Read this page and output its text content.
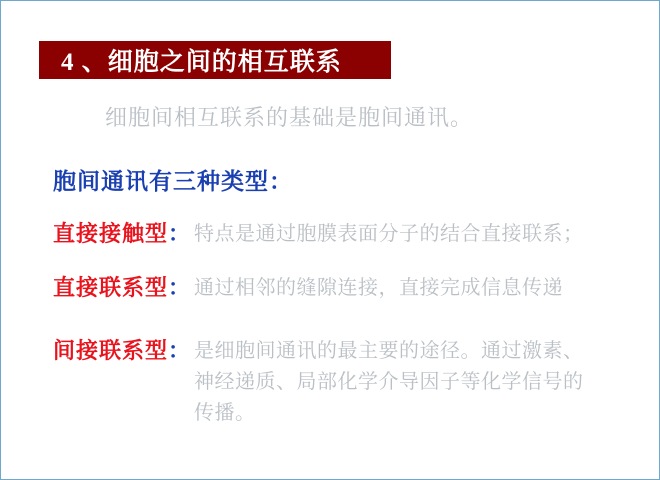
4 、细胞之间的相互联系
细胞间相互联系的基础是胞间通讯。
胞间通讯有三种类型：
直接接触型 ： 特点是通过胞膜表面分子的结合直接联系；
直接联系型 ： 通过相邻的缝隙连接，直接完成信息传递
间接联系型 ： 是细胞间通讯的最主要的途径。通过激素、神经递质、局部化学介导因子等化学信号的传播。
